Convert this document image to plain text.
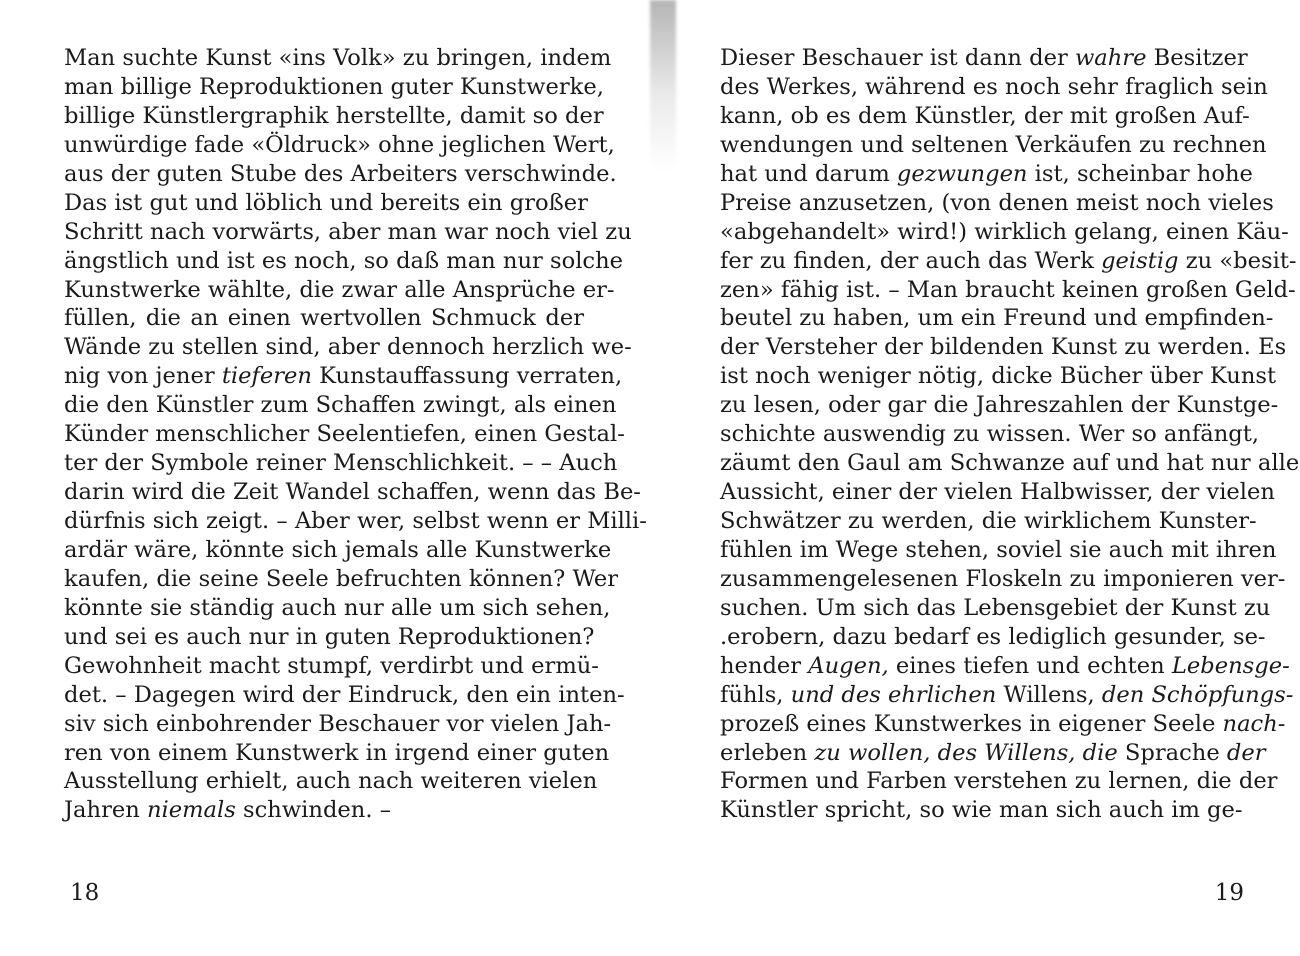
Man suchte Kunst «ins Volk» zu bringen, indem
man billige Reproduktionen guter Kunstwerke,
billige Künstlergraphik herstellte, damit so der
unwürdige fade «Öldruck» ohne jeglichen Wert,
aus der guten Stube des Arbeiters verschwinde.
Das ist gut und löblich und bereits ein großer
Schritt nach vorwärts, aber man war noch viel zu
ängstlich und ist es noch, so daß man nur solche
Kunstwerke wählte, die zwar alle Ansprüche er-
füllen, die an einen wertvollen Schmuck der
Wände zu stellen sind, aber dennoch herzlich we-
nig von jener tieferen Kunstauffassung verraten,
die den Künstler zum Schaffen zwingt, als einen
Künder menschlicher Seelentiefen, einen Gestal-
ter der Symbole reiner Menschlichkeit. – – Auch
darin wird die Zeit Wandel schaffen, wenn das Be-
dürfnis sich zeigt. – Aber wer, selbst wenn er Milli-
ardär wäre, könnte sich jemals alle Kunstwerke
kaufen, die seine Seele befruchten können? Wer
könnte sie ständig auch nur alle um sich sehen,
und sei es auch nur in guten Reproduktionen?
Gewohnheit macht stumpf, verdirbt und ermü-
det. – Dagegen wird der Eindruck, den ein inten-
siv sich einbohrender Beschauer vor vielen Jah-
ren von einem Kunstwerk in irgend einer guten
Ausstellung erhielt, auch nach weiteren vielen
Jahren niemals schwinden. –
18
Dieser Beschauer ist dann der wahre Besitzer
des Werkes, während es noch sehr fraglich sein
kann, ob es dem Künstler, der mit großen Auf-
wendungen und seltenen Verkäufen zu rechnen
hat und darum gezwungen ist, scheinbar hohe
Preise anzusetzen, (von denen meist noch vieles
«abgehandelt» wird!) wirklich gelang, einen Käu-
fer zu finden, der auch das Werk geistig zu «besit-
zen» fähig ist. – Man braucht keinen großen Geld-
beutel zu haben, um ein Freund und empfinden-
der Versteher der bildenden Kunst zu werden. Es
ist noch weniger nötig, dicke Bücher über Kunst
zu lesen, oder gar die Jahreszahlen der Kunstge-
schichte auswendig zu wissen. Wer so anfängt,
zäumt den Gaul am Schwanze auf und hat nur alle
Aussicht, einer der vielen Halbwisser, der vielen
Schwätzer zu werden, die wirklichem Kunster-
fühlen im Wege stehen, soviel sie auch mit ihren
zusammengelesenen Floskeln zu imponieren ver-
suchen. Um sich das Lebensgebiet der Kunst zu
.erobern, dazu bedarf es lediglich gesunder, se-
hender Augen, eines tiefen und echten Lebensge-
fühls, und des ehrlichen Willens, den Schöpfungs-
prozeß eines Kunstwerkes in eigener Seele nach-
erleben zu wollen, des Willens, die Sprache der
Formen und Farben verstehen zu lernen, die der
Künstler spricht, so wie man sich auch im ge-
19
